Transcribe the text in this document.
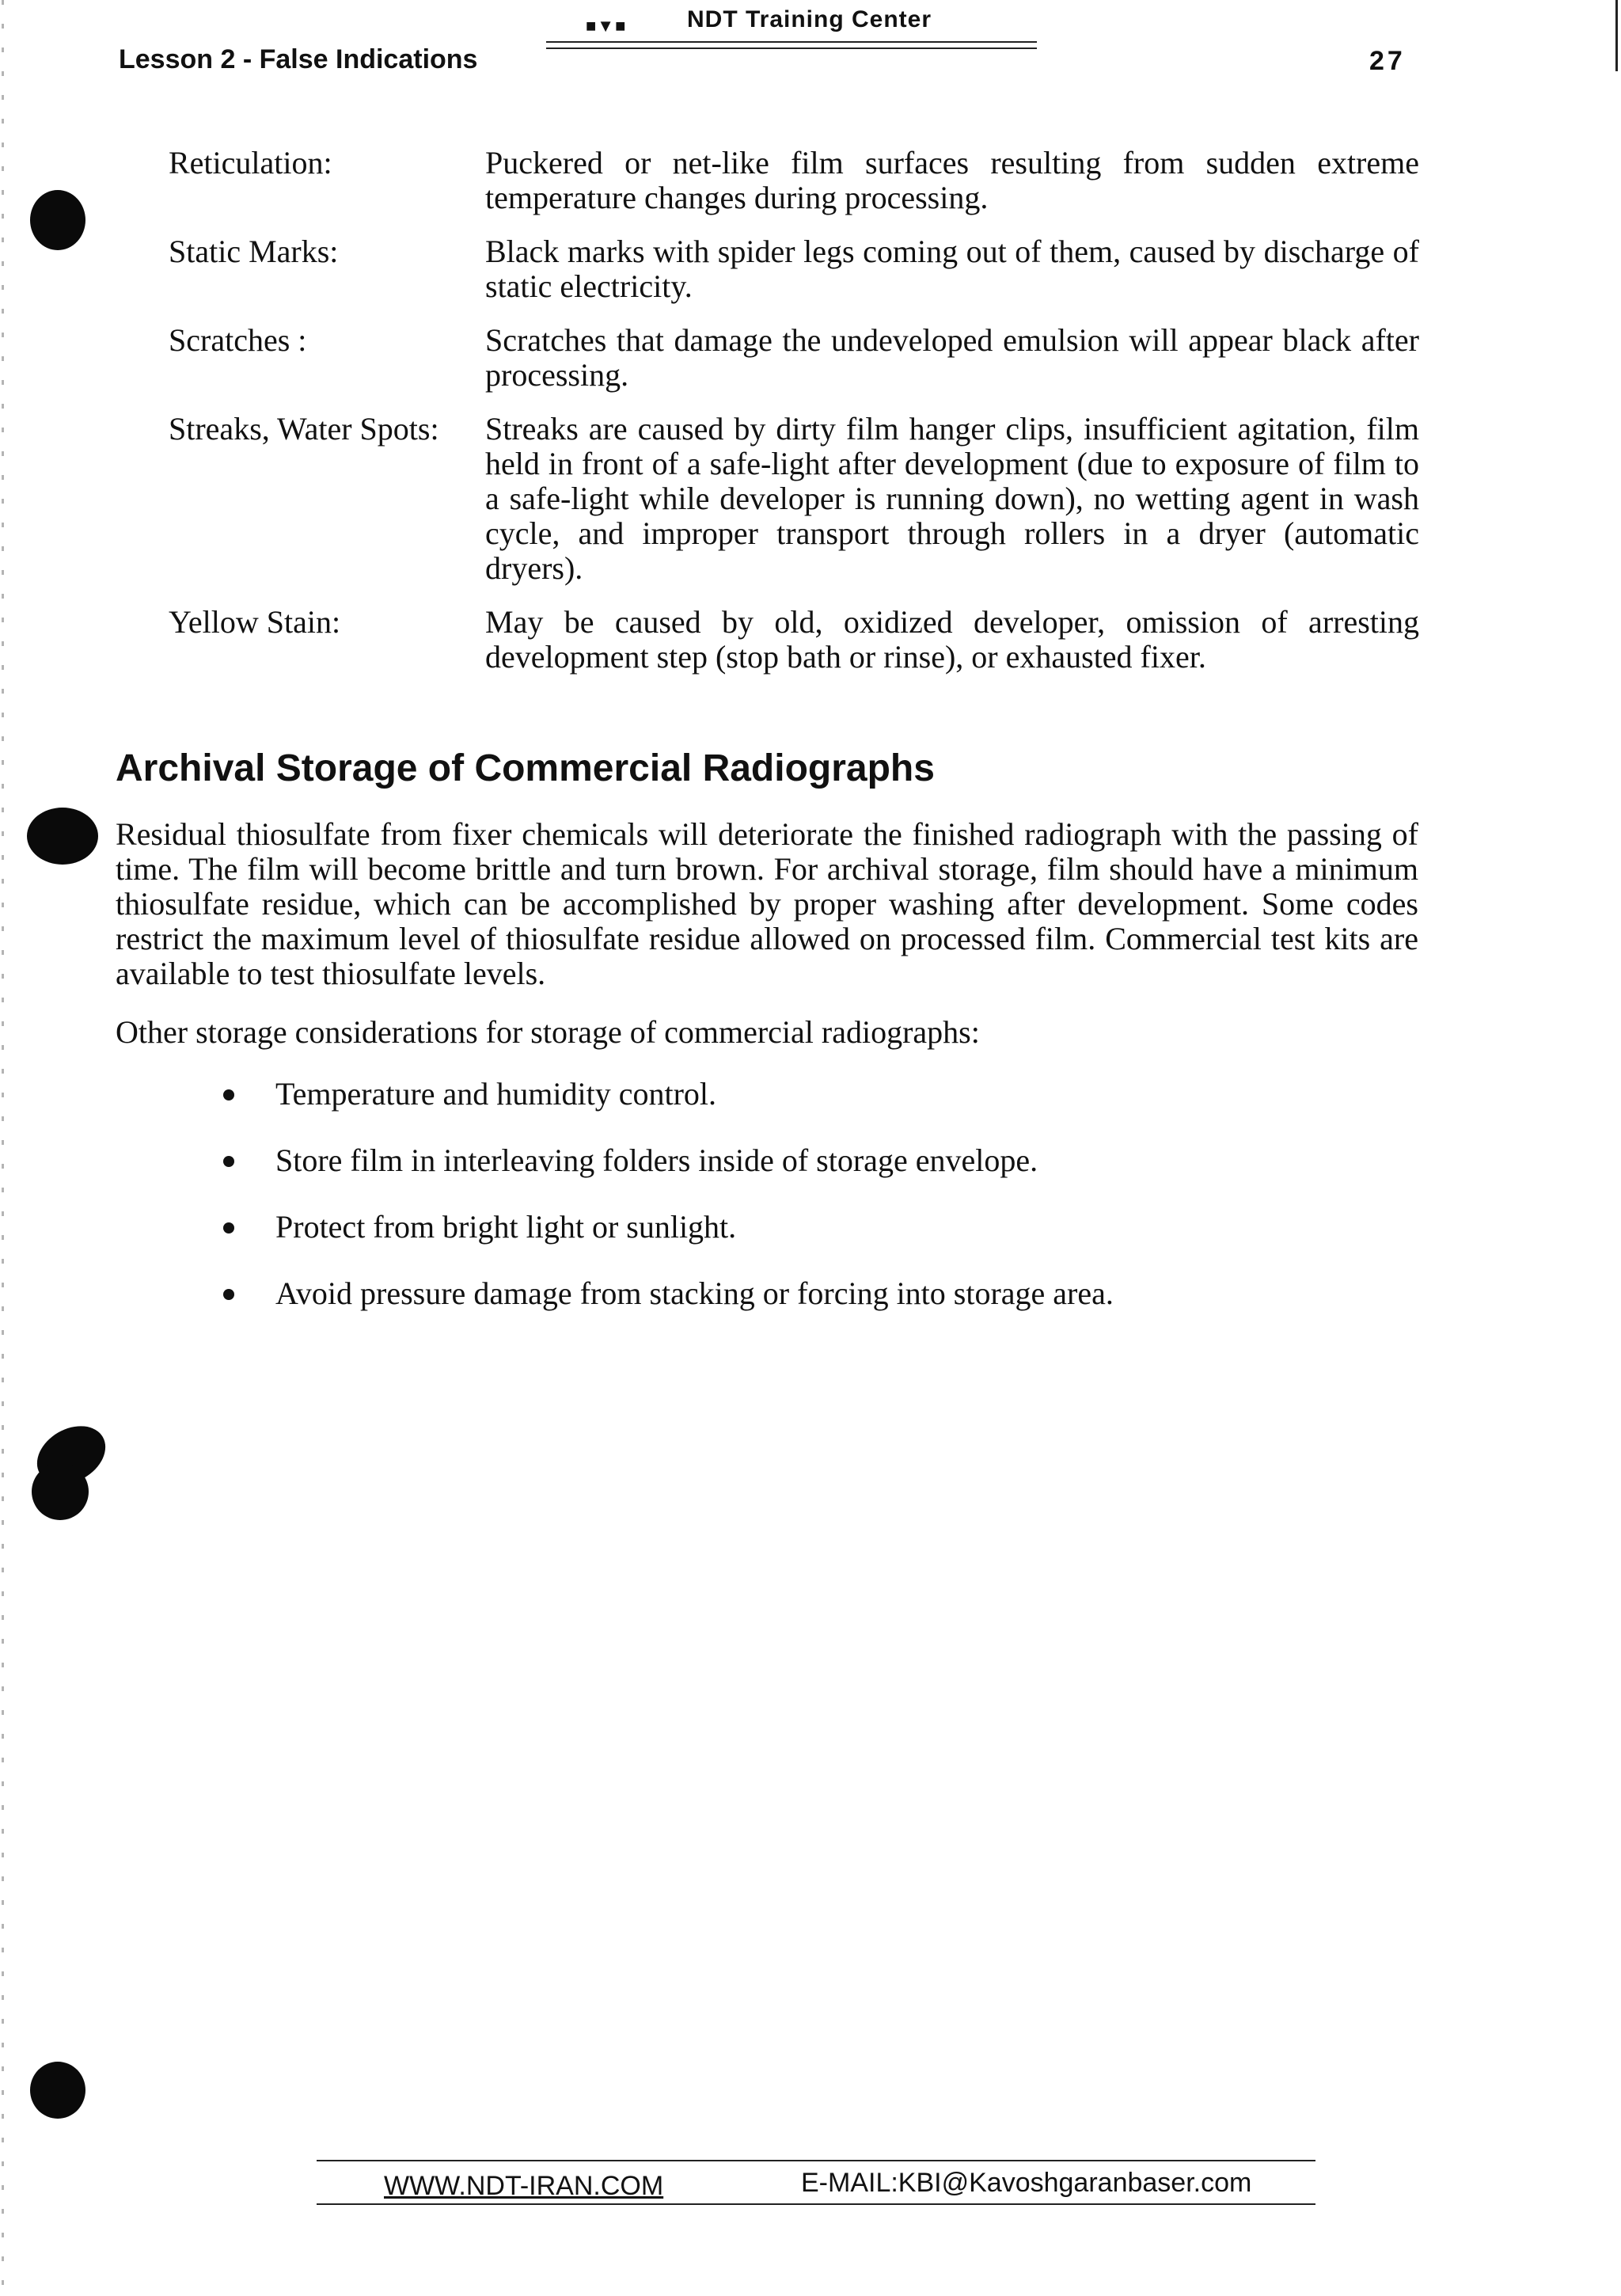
■▼■	NDT Training Center
Lesson 2 - False Indications	27
Reticulation:	Puckered or net-like film surfaces resulting from sudden extreme temperature changes during processing.
Static Marks:	Black marks with spider legs coming out of them, caused by discharge of static electricity.
Scratches :	Scratches that damage the undeveloped emulsion will appear black after processing.
Streaks, Water Spots:	Streaks are caused by dirty film hanger clips, insufficient agitation, film held in front of a safe-light after development (due to exposure of film to a safe-light while developer is running down), no wetting agent in wash cycle, and improper transport through rollers in a dryer (automatic dryers).
Yellow Stain:	May be caused by old, oxidized developer, omission of arresting development step (stop bath or rinse), or exhausted fixer.
Archival Storage of Commercial Radiographs
Residual thiosulfate from fixer chemicals will deteriorate the finished radiograph with the passing of time. The film will become brittle and turn brown. For archival storage, film should have a minimum thiosulfate residue, which can be accomplished by proper washing after development. Some codes restrict the maximum level of thiosulfate residue allowed on processed film. Commercial test kits are available to test thiosulfate levels.
Other storage considerations for storage of commercial radiographs:
Temperature and humidity control.
Store film in interleaving folders inside of storage envelope.
Protect from bright light or sunlight.
Avoid pressure damage from stacking or forcing into storage area.
WWW.NDT-IRAN.COM	E-MAIL:KBI@Kavoshgaranbaser.com
